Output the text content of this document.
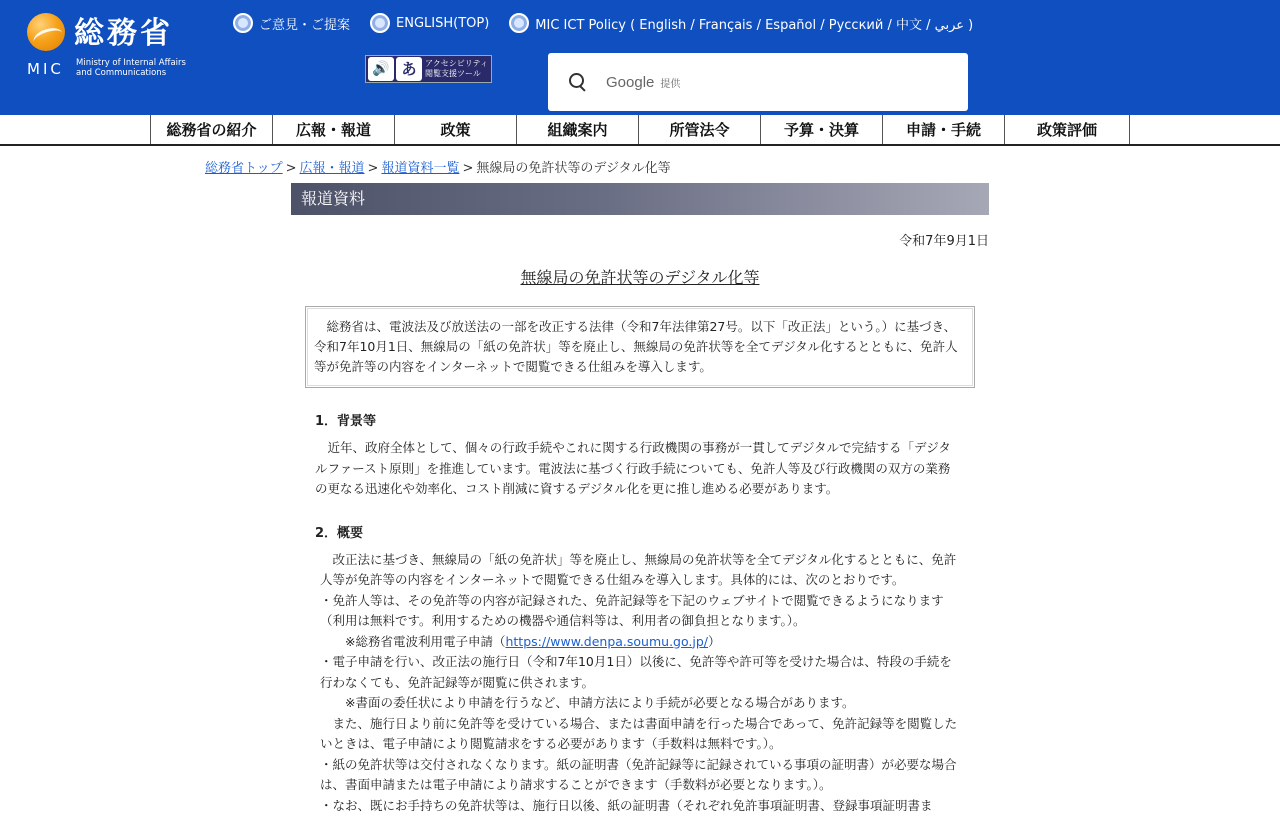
総務省
MIC Ministry of Internal Affairs
and Communications
ご意見・ご提案	ENGLISH(TOP)	MIC ICT Policy ( English / Français / Español / Русский / 中文 / عربي )
🔊 あ	アクセシビリティ
閲覧支援ツール	Google 提供
総務省の紹介	広報・報道	政策	組織案内	所管法令	予算・決算	申請・手続	政策評価
総務省トップ > 広報・報道 > 報道資料一覧 > 無線局の免許状等のデジタル化等
報道資料
令和7年9月1日
無線局の免許状等のデジタル化等

総務省は、電波法及び放送法の一部を改正する法律（令和7年法律第27号。以下「改正法」という。）に基づき、令和7年10月1日、無線局の「紙の免許状」等を廃止し、無線局の免許状等を全てデジタル化するとともに、免許人等が免許等の内容をインターネットで閲覧できる仕組みを導入します。

1．背景等

近年、政府全体として、個々の行政手続やこれに関する行政機関の事務が一貫してデジタルで完結する「デジタルファースト原則」を推進しています。電波法に基づく行政手続についても、免許人等及び行政機関の双方の業務の更なる迅速化や効率化、コスト削減に資するデジタル化を更に推し進める必要があります。

2．概要

改正法に基づき、無線局の「紙の免許状」等を廃止し、無線局の免許状等を全てデジタル化するとともに、免許人等が免許等の内容をインターネットで閲覧できる仕組みを導入します。具体的には、次のとおりです。

・免許人等は、その免許等の内容が記録された、免許記録等を下記のウェブサイトで閲覧できるようになります（利用は無料です。利用するための機器や通信料等は、利用者の御負担となります。）。

※総務省電波利用電子申請（https://www.denpa.soumu.go.jp/）

・電子申請を行い、改正法の施行日（令和7年10月1日）以後に、免許等や許可等を受けた場合は、特段の手続を行わなくても、免許記録等が閲覧に供されます。

※書面の委任状により申請を行うなど、申請方法により手続が必要となる場合があります。

また、施行日より前に免許等を受けている場合、または書面申請を行った場合であって、免許記録等を閲覧したいときは、電子申請により閲覧請求をする必要があります（手数料は無料です。）。

・紙の免許状等は交付されなくなります。紙の証明書（免許記録等に記録されている事項の証明書）が必要な場合は、書面申請または電子申請により請求することができます（手数料が必要となります。）。

・なお、既にお手持ちの免許状等は、施行日以後、紙の証明書（それぞれ免許事項証明書、登録事項証明書ま
